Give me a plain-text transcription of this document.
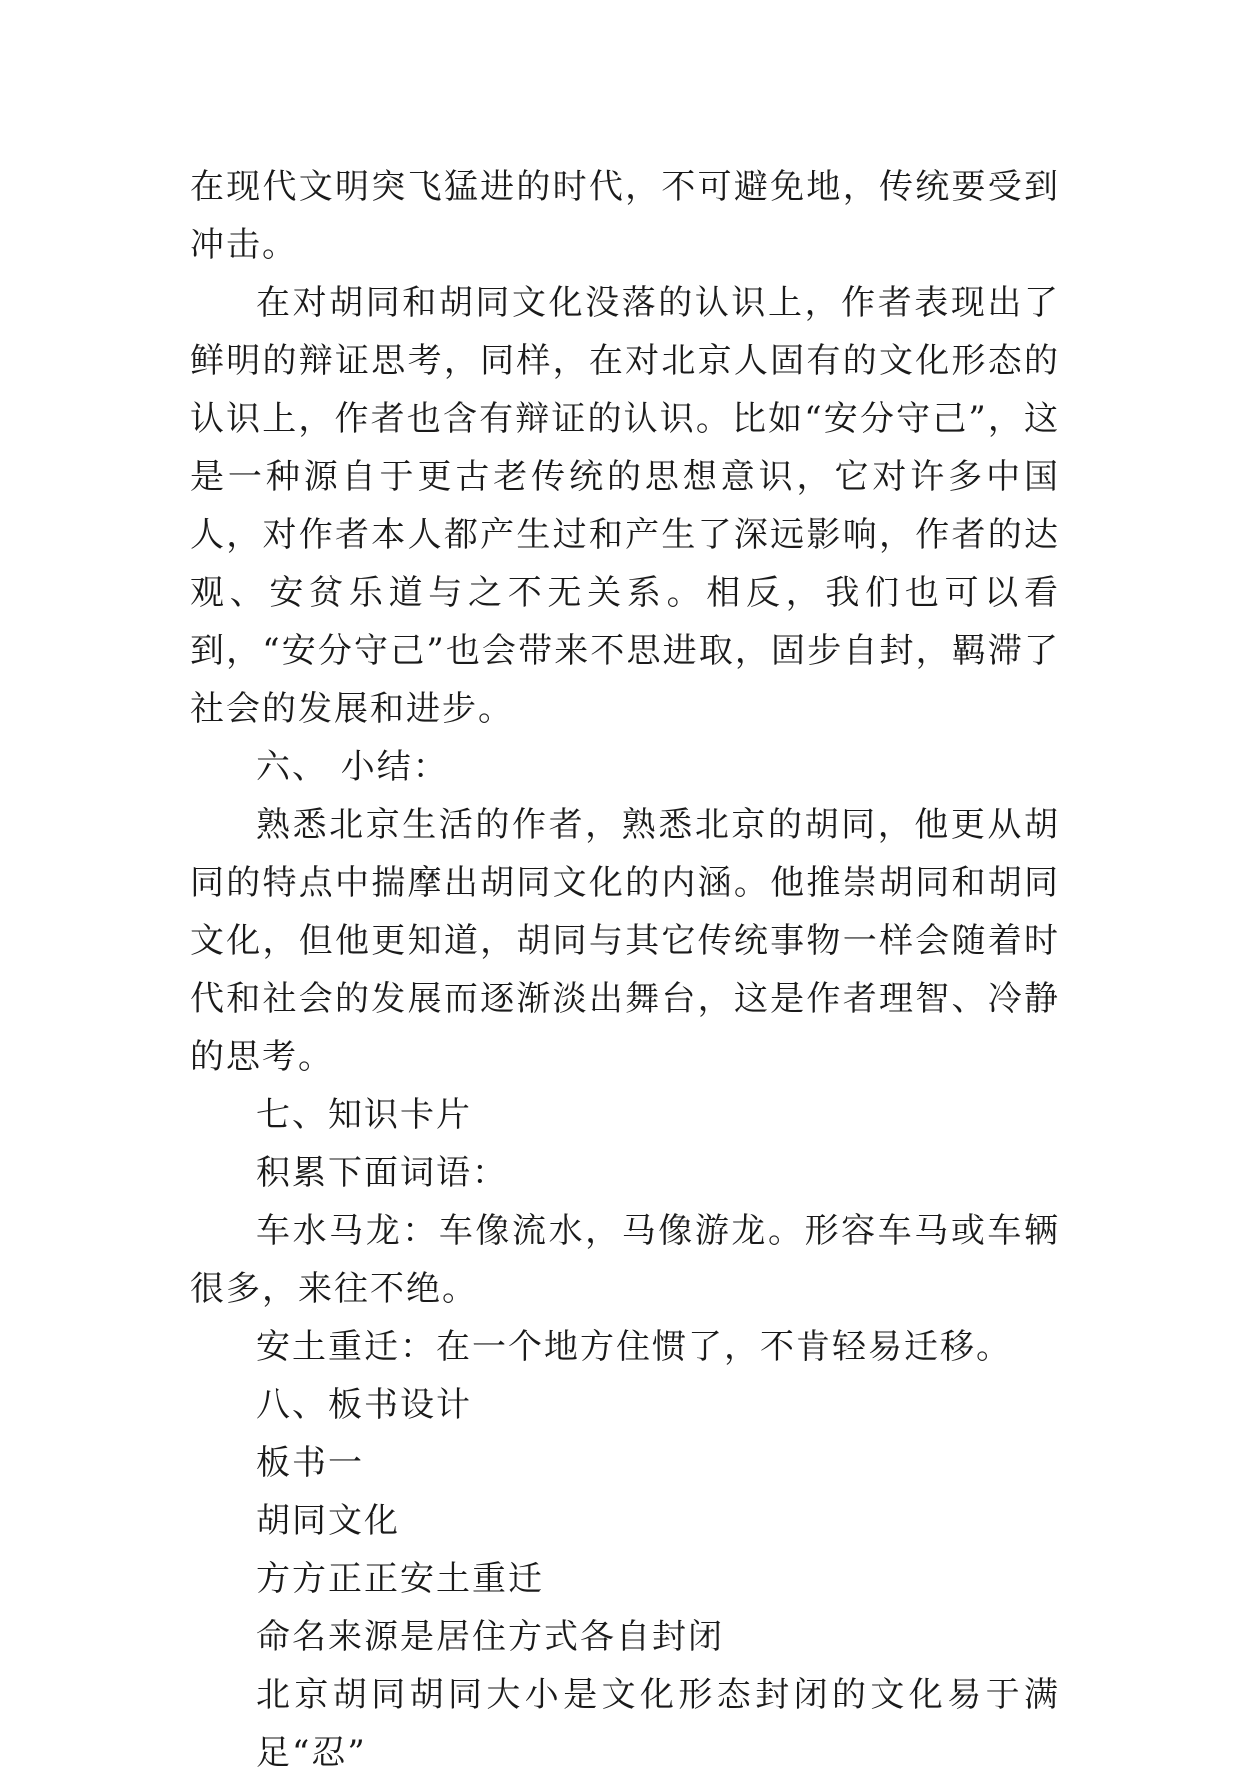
在现代文明突飞猛进的时代，不可避免地，传统要受到冲击。

在对胡同和胡同文化没落的认识上，作者表现出了鲜明的辩证思考，同样，在对北京人固有的文化形态的认识上，作者也含有辩证的认识。比如“安分守己”，这是一种源自于更古老传统的思想意识，它对许多中国人，对作者本人都产生过和产生了深远影响，作者的达观、安贫乐道与之不无关系。相反，我们也可以看到，“安分守己”也会带来不思进取，固步自封，羁滞了社会的发展和进步。

六、 小结：

熟悉北京生活的作者，熟悉北京的胡同，他更从胡同的特点中揣摩出胡同文化的内涵。他推崇胡同和胡同文化，但他更知道，胡同与其它传统事物一样会随着时代和社会的发展而逐渐淡出舞台，这是作者理智、冷静的思考。

七、知识卡片

积累下面词语：

车水马龙：车像流水，马像游龙。形容车马或车辆很多，来往不绝。

安土重迁：在一个地方住惯了，不肯轻易迁移。

八、板书设计

板书一

胡同文化

方方正正安土重迁

命名来源是居住方式各自封闭

北京胡同胡同大小是文化形态封闭的文化易于满足“忍”
